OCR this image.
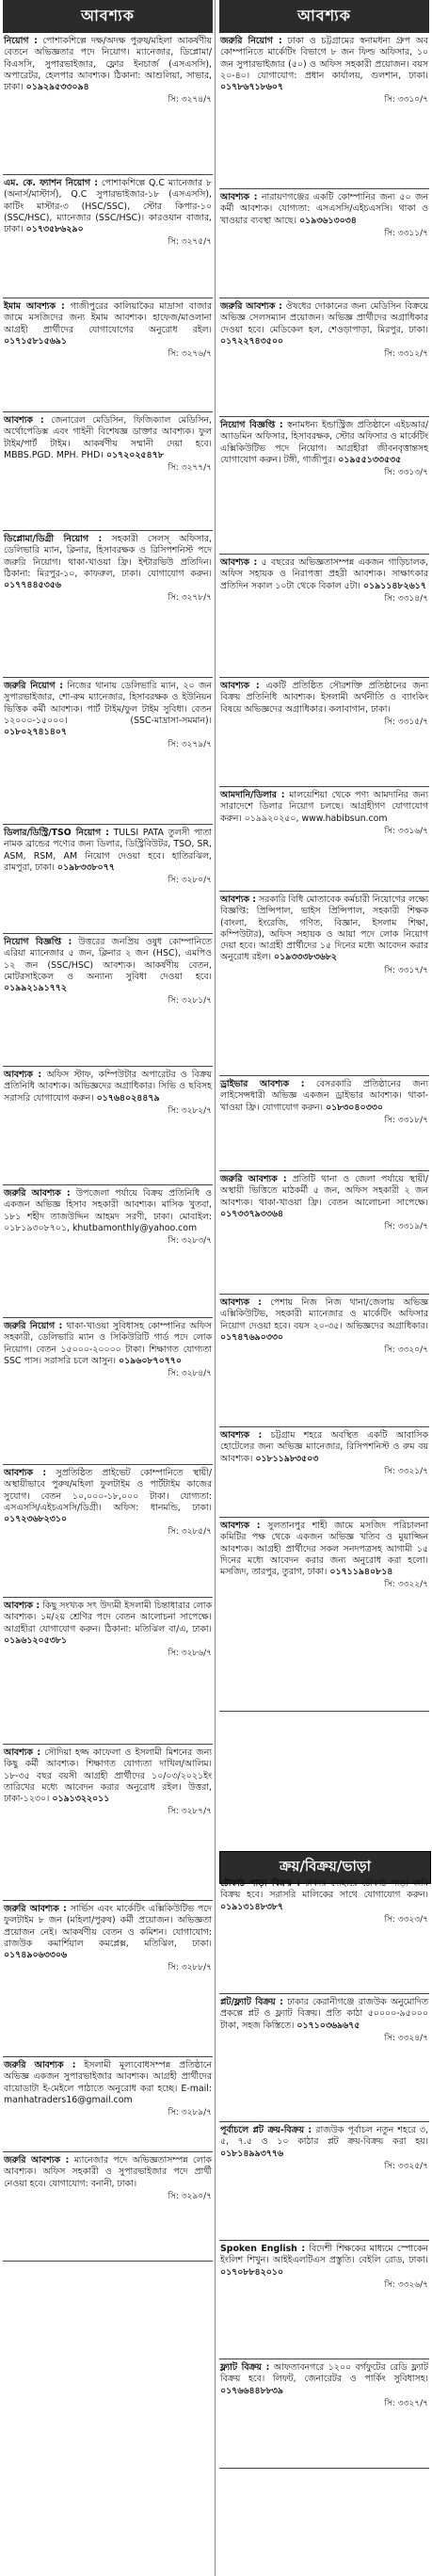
আবশ্যক
নিয়োগ : পোশাকশিল্পে দক্ষ/অদক্ষ পুরুষ/মহিলা আকর্ষণীয় বেতনে অভিজ্ঞতার পদে নিয়োগ। ম্যানেজার, ডিপ্লোমা/বিএসসি, সুপারভাইজার, ফ্লোর ইনচার্জ (এসএসসি), অপারেটর, হেলপার আবশ্যক। ঠিকানা: আশুলিয়া, সাভার, ঢাকা। ০১৯২৯৫৩৩০৯৪
সি: ৩২৭৪/৭
এম. কে. ফ্যাশন নিয়োগ : পোশাকশিল্পে Q.C ম্যানেজার ৮ (অনার্স/মাস্টার্স), Q.C সুপারভাইজার-১৮ (এসএসসি), কাটিং মাস্টার-৩ (HSC/SSC), স্টোর কিপার-১০ (SSC/HSC), ম্যানেজার (SSC/HSC)। কারওয়ান বাজার, ঢাকা। ০১৭৩৫৮৬২৯০
সি: ৩২৭৫/৭
ইমাম আবশ্যক : গাজীপুরের কালিয়াকৈর মাদ্রাসা বাজার জামে মসজিদের জন্য ইমাম আবশ্যক। হাফেজ/মাওলানা আগ্রহী প্রার্থীদের যোগাযোগের অনুরোধ রইল। ০১৭১৫৮১৫৬৯১
সি: ৩২৭৬/৭
আবশ্যক : জেনারেল মেডিসিন, ফিজিক্যাল মেডিসিন, অর্থোপেডিক্স এবং গাইনী বিশেষজ্ঞ ডাক্তার আবশ্যক। ফুল টাইম/পার্ট টাইম। আকর্ষণীয় সম্মানী দেয়া হবে। MBBS.PGD. MPH. PHD। ০১৭২০২৫৪৭৮
সি: ৩২৭৭/৭
ডিপ্লোমা/ডিগ্রী নিয়োগ : সহকারী সেলস্ অফিসার, ডেলিভারি ম্যান, ক্লিনার, হিসাবরক্ষক ও রিসিপশনিস্ট পদে জরুরি নিয়োগ। থাকা-খাওয়া ফ্রি। ইন্টারভিউ প্রতিদিন। ঠিকানা: মিরপুর-১০, কাফরুল, ঢাকা। যোগাযোগ করুন। ০১৭৭৪৪৫৩৫৬
সি: ৩২৭৮/৭
জরুরি নিয়োগ : নিজের থানায় ডেলিভারি ম্যান, ২০ জন সুপারভাইজার, শো-রুম ম্যানেজার, হিসাবরক্ষক ও ইউনিয়ন ভিত্তিক কর্মী আবশ্যক। পার্ট টাইম/ফুল টাইম সুবিধা। বেতন ১২০০০-১৫০০০। (SSC-মাদ্রাসা-সমমান)। ০১৮০২৭৪১৪০৭
সি: ৩২৭৯/৭
ডিলার/ডিস্ট্রি/TSO নিয়োগ : TULSI PATA তুলসী পাতা নামক ব্রান্ডের পণ্যের জন্য ডিলার, ডিস্ট্রিবিউটর, TSO, SR, ASM, RSM, AM নিয়োগ দেওয়া হবে। হাতিরঝিল, রামপুরা, ঢাকা। ০১৯৮৩৩৮০৭৭
সি: ৩২৮০/৭
নিয়োগ বিজ্ঞপ্তি : উত্তরের জনপ্রিয় ওষুধ কোম্পানিতে এরিয়া ম্যানেজার ৫ জন, ক্লিনার ২ জন (HSC), এমপিও ১২ জন (SSC/HSC) আবশ্যক। আকর্ষণীয় বেতন, মোটরসাইকেল ও অন্যান্য সুবিধা দেওয়া হবে। ০১৯৯২১৯১৭৭২
সি: ৩২৮১/৭
আবশ্যক : অফিস স্টাফ, কম্পিউটার অপারেটর ও বিক্রয় প্রতিনিধি আবশ্যক। অভিজ্ঞদের অগ্রাধিকার। সিভি ও ছবিসহ সরাসরি যোগাযোগ করুন। ০১৭৬৪০২৪৪৭৯
সি: ৩২৮২/৭
জরুরি আবশ্যক : উপজেলা পর্যায়ে বিক্রয় প্রতিনিধি ও একজন অভিজ্ঞ হিসাব সহকারী আবশ্যক। মাসিক খুতবা, ১৮১ শহীদ তাজউদ্দিন আহমদ সরণী, ঢাকা। মোবাইল: ০১৮১৯৩০৮৭০১, khutbamonthly@yahoo.com
সি: ৩২৮৩/৭
জরুরি নিয়োগ : থাকা-খাওয়া সুবিধাসহ কোম্পানির অফিস সহকারী, ডেলিভারি ম্যান ও সিকিউরিটি গার্ড পদে লোক নিয়োগ। বেতন ১৫০০০-২০০০০ টাকা। শিক্ষাগত যোগ্যতা SSC পাস। সরাসরি চলে আসুন। ০১৯৬০৮৭০৭৭০
সি: ৩২৮৪/৭
আবশ্যক : সুপ্রতিষ্ঠিত প্রাইভেট কোম্পানিতে স্থায়ী/অস্থায়ীভাবে পুরুষ/মহিলা ফুলটাইম ও পার্টটাইম কাজের সুযোগ। বেতন ১০,০০০-১৮,০০০ টাকা। যোগ্যতা: এসএসসি/এইচএসসি/ডিগ্রী। অফিস: ধানমন্ডি, ঢাকা। ০১৭২৩৬৮২৩১০
সি: ৩২৮৫/৭
আবশ্যক : কিছু সংখ্যক সৎ উদ্যমী ইসলামী চিন্তাধারার লোক আবশ্যক। ১ম/২য় শ্রেণির পদে বেতন আলোচনা সাপেক্ষে। আগ্রহীরা যোগাযোগ করুন। ঠিকানা: মতিঝিল বা/এ, ঢাকা। ০১৯৬১২০৫৩৮১
সি: ৩২৮৬/৭
আবশ্যক : সৌদিয়া হজ্জ কাফেলা ও ইসলামী মিশনের জন্য কিছু কর্মী আবশ্যক। শিক্ষাগত যোগ্যতা দাখিল/আলিম। ১৮-৩৫ বছর বয়সী আগ্রহী প্রার্থীদের ১০/০৩/২০২১ইং তারিখের মধ্যে আবেদন করার অনুরোধ রইল। উত্তরা, ঢাকা-১২৩০। ০১৯১৩২২০১১
সি: ৩২৮৭/৭
জরুরি আবশ্যক : সার্ভিস এবং মার্কেটিং এক্সিকিউটিভ পদে ফুলটাইম ৮ জন (মহিলা/পুরুষ) কর্মী প্রয়োজন। অভিজ্ঞতা প্রয়োজন নেই। আকর্ষণীয় বেতন ও কমিশন। যোগাযোগ: রাজউক কমার্শিয়াল কমপ্লেক্স, মতিঝিল, ঢাকা। ০১৭৪৯০৬৩৩০৬
সি: ৩২৮৮/৭
জরুরি আবশ্যক : ইসলামী মূল্যবোধসম্পন্ন প্রতিষ্ঠানে অভিজ্ঞ একজন সুপারভাইজার আবশ্যক। আগ্রহী প্রার্থীদের বায়োডাটা ই-মেইলে পাঠাতে অনুরোধ করা হচ্ছে। E-mail: manhatraders16@gmail.com
সি: ৩২৮৯/৭
জরুরি আবশ্যক : ম্যানেজার পদে অভিজ্ঞতাসম্পন্ন লোক আবশ্যক। অফিস সহকারী ও সুপারভাইজার পদে প্রার্থী নেওয়া হবে। যোগাযোগ: বনানী, ঢাকা।
সি: ৩২৯০/৭
আবশ্যক
জরুরি নিয়োগ : ঢাকা ও চট্টগ্রামের স্বনামধন্য গ্রুপ অব কোম্পানিতে মার্কেটিং বিভাগে ৮ জন ফিল্ড অফিসার, ১০ জন সুপারভাইজার (৫০) ও অফিস সহকারী প্রয়োজন। বয়স ২০-৪০। যোগাযোগ: প্রধান কার্যালয়, গুলশান, ঢাকা। ০১৭৮৬৭১৮৬০৭
সি: ৩৩১০/৭
আবশ্যক : নারায়ণগঞ্জের একটি কোম্পানির জন্য ৫০ জন কর্মী আবশ্যক। যোগ্যতা: এসএসসি/এইচএসসি। থাকা ও খাওয়ার ব্যবস্থা আছে। ০১৯৩৬১৩০৩৪
সি: ৩৩১১/৭
জরুরি আবশ্যক : ঔষধের দোকানের জন্য মেডিসিন বিক্রয়ে অভিজ্ঞ সেলসম্যান প্রয়োজন। অভিজ্ঞ প্রার্থীদের অগ্রাধিকার দেওয়া হবে। মেডিকেল হল, শেওড়াপাড়া, মিরপুর, ঢাকা। ০১৭২২৭৪৩৫০০
সি: ৩৩১২/৭
নিয়োগ বিজ্ঞপ্তি : স্বনামধন্য ইন্ডাস্ট্রিজ প্রতিষ্ঠানে এইচআর/অ্যাডমিন অফিসার, হিসাবরক্ষক, স্টোর অফিসার ও মার্কেটিং এক্সিকিউটিভ পদে নিয়োগ। আগ্রহীরা জীবনবৃত্তান্তসহ যোগাযোগ করুন। টঙ্গী, গাজীপুর। ০১৯৫৫১৩৩৫৩৫
সি: ৩৩১৩/৭
আবশ্যক : ৫ বছরের অভিজ্ঞতাসম্পন্ন একজন গাড়িচালক, অফিস সহায়ক ও নিরাপত্তা প্রহরী আবশ্যক। সাক্ষাৎকার প্রতিদিন সকাল ১০টা থেকে বিকাল ৫টা। ০১৯১১৪৮২৬১৭
সি: ৩৩১৪/৭
আবশ্যক : একটি প্রতিষ্ঠিত সৌরশক্তি প্রতিষ্ঠানের জন্য বিক্রয় প্রতিনিধি আবশ্যক। ইসলামী অর্থনীতি ও ব্যাংকিং বিষয়ে অভিজ্ঞদের অগ্রাধিকার। কলাবাগান, ঢাকা।
সি: ৩৩১৫/৭
আমদানি/ডিলার : মালয়েশিয়া থেকে পণ্য আমদানির জন্য সারাদেশে ডিলার নিয়োগ চলছে। আগ্রহীগণ যোগাযোগ করুন। ০১৯৯২০২৫০, www.habibsun.com
সি: ৩৩১৬/৭
আবশ্যক : সরকারি বিধি মোতাবেক কর্মচারী নিয়োগের লক্ষ্যে বিজ্ঞপ্তি: প্রিন্সিপাল, ভাইস প্রিন্সিপাল, সহকারী শিক্ষক (বাংলা, ইংরেজি, গণিত, বিজ্ঞান, ইসলাম শিক্ষা, কম্পিউটার), অফিস সহায়ক ও আয়া পদে লোক নিয়োগ দেয়া হবে। আগ্রহী প্রার্থীদের ১৫ দিনের মধ্যে আবেদন করার অনুরোধ রইল। ০১৯৩৩৩৮৩৬৮২
সি: ৩৩১৭/৭
ড্রাইভার আবশ্যক : বেসরকারি প্রতিষ্ঠানের জন্য লাইসেন্সধারী অভিজ্ঞ একজন ড্রাইভার আবশ্যক। থাকা-খাওয়া ফ্রি। যোগাযোগ করুন। ০১৮৩০৪০৩৩০
সি: ৩৩১৮/৭
জরুরি আবশ্যক : প্রতিটি থানা ও জেলা পর্যায়ে স্থায়ী/অস্থায়ী ভিত্তিতে মাঠকর্মী ৫ জন, অফিস সহকারী ২ জন আবশ্যক। থাকা-খাওয়া ফ্রি। বেতন আলোচনা সাপেক্ষে। ০১৭৩৩৭৯৩৩৬৪
সি: ৩৩১৯/৭
আবশ্যক : পেশায় নিজ নিজ থানা/জেলায় অভিজ্ঞ এক্সিকিউটিভ, সহকারী ম্যানেজার ও মার্কেটিং অফিসার নিয়োগ দেওয়া হবে। বয়স ২০-৩৫। অভিজ্ঞদের অগ্রাধিকার। ০১৭৪৭৬৯০৩৩০
সি: ৩৩২০/৭
আবশ্যক : চট্টগ্রাম শহরে অবস্থিত একটি আবাসিক হোটেলের জন্য অভিজ্ঞ ম্যানেজার, রিসিপশনিস্ট ও রুম বয় আবশ্যক। ০১৮১১৯৮৩৫০৩
সি: ৩৩২১/৭
আবশ্যক : সুলতানপুর শাহী জামে মসজিদ পরিচালনা কমিটির পক্ষ থেকে একজন অভিজ্ঞ খতিব ও মুয়াজ্জিন আবশ্যক। আগ্রহী প্রার্থীদের সকল সনদপত্রসহ আগামী ১৫ দিনের মধ্যে আবেদন করার জন্য অনুরোধ করা হলো। মসজিদ, তারপুর, তুরাগ, ঢাকা। ০১৭১১৯৪০৮১৪
সি: ৩৩২২/৭
ক্রয়/বিক্রয়/ভাড়া
চৌকাঠ পাড়া বিক্রয় : ঢাকার দোহারে চৌকাঠ পাড়া জমি বিক্রয় হবে। সরাসরি মালিকের সাথে যোগাযোগ করুন। ০১৯১৩১৪৮৩৮৭
সি: ৩৩২৩/৭
প্লট/ফ্ল্যাট বিক্রয় : ঢাকার কেরানীগঞ্জে রাজউক অনুমোদিত প্রকল্পে প্লট ও ফ্ল্যাট বিক্রয়। প্রতি কাঠা ৫০০০০-৯৫০০০ টাকা, সহজ কিস্তিতে। ০১৭১০৩৬৯৬৭৫
সি: ৩৩২৪/৭
পূর্বাচলে প্লট ক্রয়-বিক্রয় : রাজউক পূর্বাচল নতুন শহরে ৩, ৫, ৭.৫ ও ১০ কাঠার প্লট ক্রয়-বিক্রয় করা হয়। ০১৮১৪৯৯৩৭৭৬
সি: ৩৩২৫/৭
Spoken English : বিদেশী শিক্ষকের মাধ্যমে স্পোকেন ইংলিশ শিখুন। আইইএলটিএস প্রস্তুতি। বেইলি রোড, ঢাকা। ০১৭০৮৮৪২০১০
সি: ৩৩২৬/৭
ফ্ল্যাট বিক্রয় : আফতাবনগরে ১২০০ বর্গফুটের রেডি ফ্ল্যাট বিক্রয় হবে। লিফট, জেনারেটর ও পার্কিং সুবিধাসহ। ০১৭৬৬৪৪৮৮৩৯
সি: ৩৩২৭/৭
